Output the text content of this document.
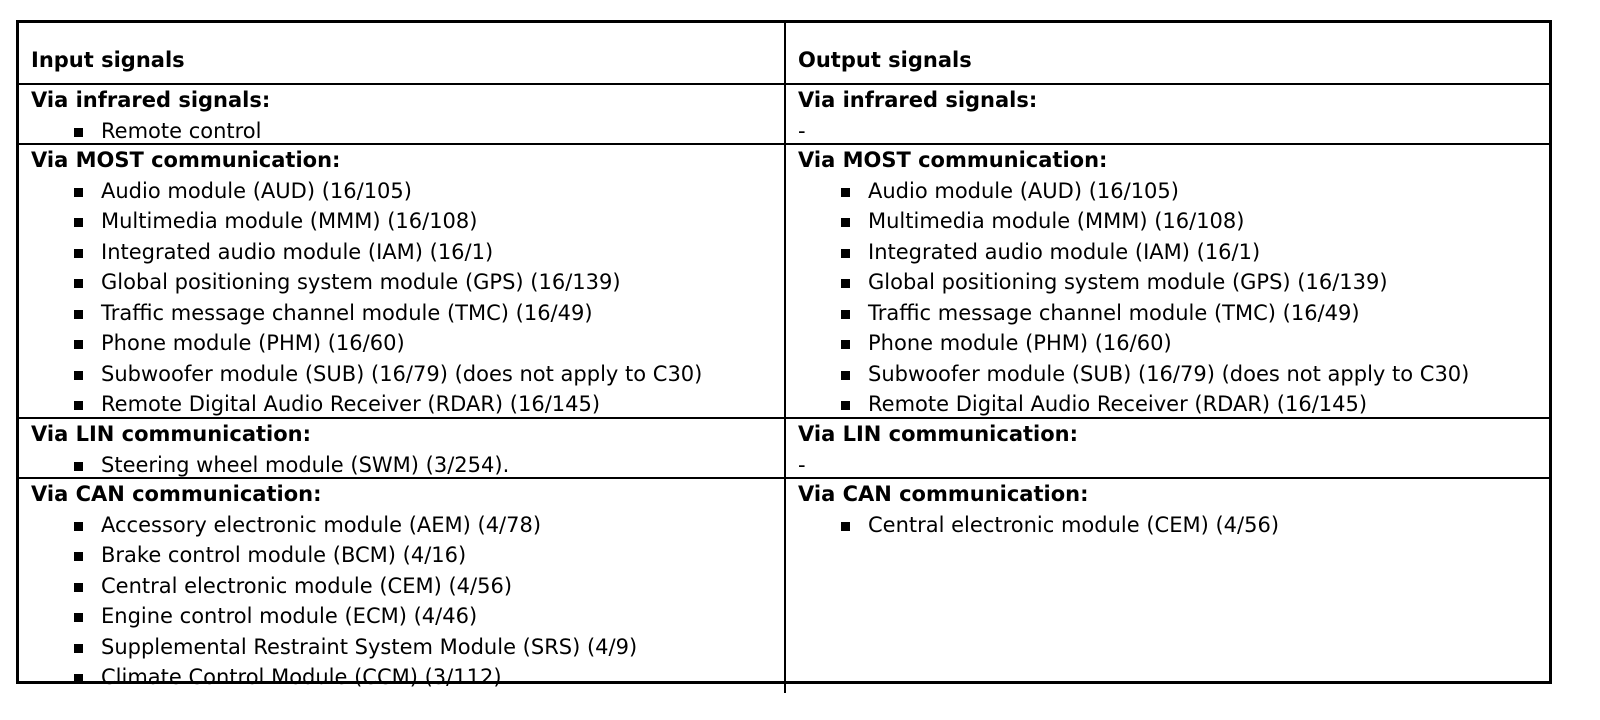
Input signals
Via infrared signals:
Remote control
Via MOST communication:
Audio module (AUD) (16/105)
Multimedia module (MMM) (16/108)
Integrated audio module (IAM) (16/1)
Global positioning system module (GPS) (16/139)
Traffic message channel module (TMC) (16/49)
Phone module (PHM) (16/60)
Subwoofer module (SUB) (16/79) (does not apply to C30)
Remote Digital Audio Receiver (RDAR) (16/145)
Via LIN communication:
Steering wheel module (SWM) (3/254).
Via CAN communication:
Accessory electronic module (AEM) (4/78)
Brake control module (BCM) (4/16)
Central electronic module (CEM) (4/56)
Engine control module (ECM) (4/46)
Supplemental Restraint System Module (SRS) (4/9)
Climate Control Module (CCM) (3/112).
Output signals
Via infrared signals:
-
Via MOST communication:
Audio module (AUD) (16/105)
Multimedia module (MMM) (16/108)
Integrated audio module (IAM) (16/1)
Global positioning system module (GPS) (16/139)
Traffic message channel module (TMC) (16/49)
Phone module (PHM) (16/60)
Subwoofer module (SUB) (16/79) (does not apply to C30)
Remote Digital Audio Receiver (RDAR) (16/145)
Via LIN communication:
-
Via CAN communication:
Central electronic module (CEM) (4/56)
